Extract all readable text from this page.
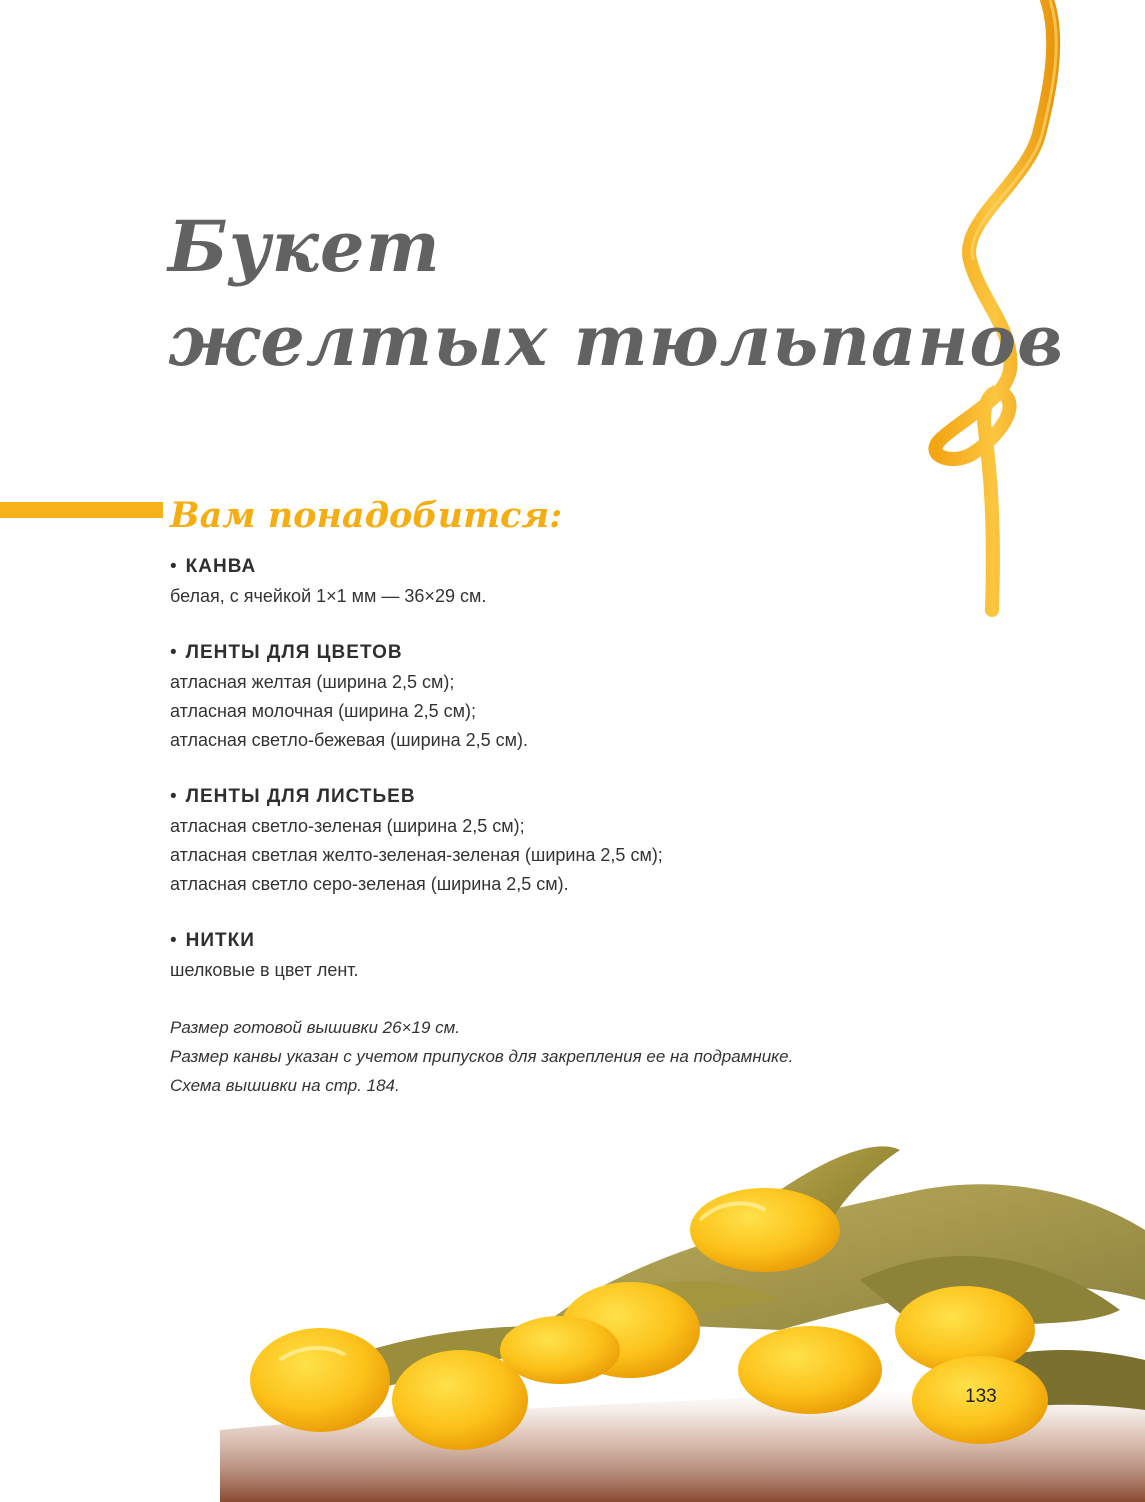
Букет
желтых тюльпанов
Вам понадобится:
• КАНВА
белая, с ячейкой 1×1 мм — 36×29 см.
• ЛЕНТЫ ДЛЯ ЦВЕТОВ
атласная желтая (ширина 2,5 см);
атласная молочная (ширина 2,5 см);
атласная светло-бежевая (ширина 2,5 см).
• ЛЕНТЫ ДЛЯ ЛИСТЬЕВ
атласная светло-зеленая (ширина 2,5 см);
атласная светлая желто-зеленая-зеленая (ширина 2,5 см);
атласная светло серо-зеленая (ширина 2,5 см).
• НИТКИ
шелковые в цвет лент.
Размер готовой вышивки 26×19 см.
Размер канвы указан с учетом припусков для закрепления ее на подрамнике.
Схема вышивки на стр. 184.
133
